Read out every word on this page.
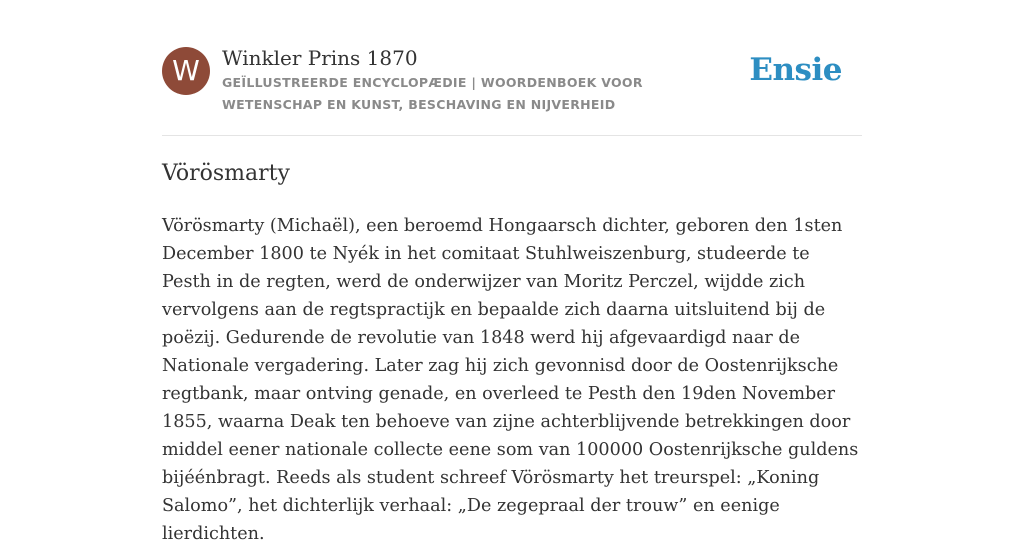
W	Winkler Prins 1870
GEÏLLUSTREERDE ENCYCLOPÆDIE | WOORDENBOEK VOOR WETENSCHAP EN KUNST, BESCHAVING EN NIJVERHEID
Ensie
Vörösmarty

Vörösmarty (Michaël), een beroemd Hongaarsch dichter, geboren den 1sten December 1800 te Nyék in het comitaat Stuhlweiszenburg, studeerde te Pesth in de regten, werd de onderwijzer van Moritz Perczel, wijdde zich vervolgens aan de regtspractijk en bepaalde zich daarna uitsluitend bij de poëzij. Gedurende de revolutie van 1848 werd hij afgevaardigd naar de Nationale vergadering. Later zag hij zich gevonnisd door de Oostenrijksche regtbank, maar ontving genade, en overleed te Pesth den 19den November 1855, waarna Deak ten behoeve van zijne achterblijvende betrekkingen door middel eener nationale collecte eene som van 100000 Oostenrijksche guldens bijéénbragt. Reeds als student schreef Vörösmarty het treurspel: „Koning Salomo”, het dichterlijk verhaal: „De zegepraal der trouw” en eenige lierdichten.
